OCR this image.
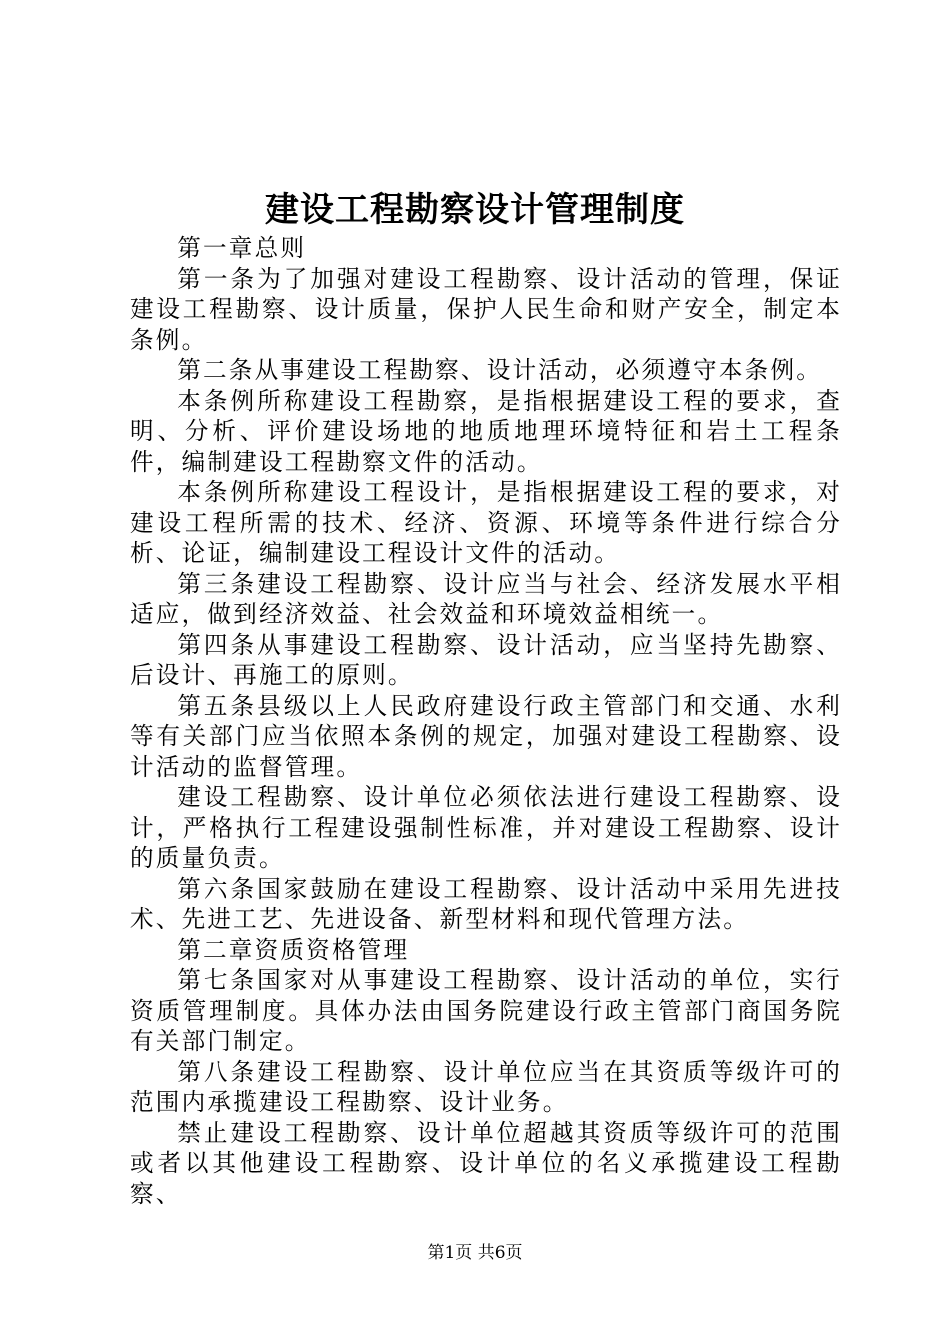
建设工程勘察设计管理制度

第一章总则

第一条为了加强对建设工程勘察、设计活动的管理，保证建设工程勘察、设计质量，保护人民生命和财产安全，制定本条例。

第二条从事建设工程勘察、设计活动，必须遵守本条例。

本条例所称建设工程勘察，是指根据建设工程的要求，查明、分析、评价建设场地的地质地理环境特征和岩土工程条件，编制建设工程勘察文件的活动。

本条例所称建设工程设计，是指根据建设工程的要求，对建设工程所需的技术、经济、资源、环境等条件进行综合分析、论证，编制建设工程设计文件的活动。

第三条建设工程勘察、设计应当与社会、经济发展水平相适应，做到经济效益、社会效益和环境效益相统一。

第四条从事建设工程勘察、设计活动，应当坚持先勘察、后设计、再施工的原则。

第五条县级以上人民政府建设行政主管部门和交通、水利等有关部门应当依照本条例的规定，加强对建设工程勘察、设计活动的监督管理。

建设工程勘察、设计单位必须依法进行建设工程勘察、设计，严格执行工程建设强制性标准，并对建设工程勘察、设计的质量负责。

第六条国家鼓励在建设工程勘察、设计活动中采用先进技术、先进工艺、先进设备、新型材料和现代管理方法。

第二章资质资格管理

第七条国家对从事建设工程勘察、设计活动的单位，实行资质管理制度。具体办法由国务院建设行政主管部门商国务院有关部门制定。

第八条建设工程勘察、设计单位应当在其资质等级许可的范围内承揽建设工程勘察、设计业务。

禁止建设工程勘察、设计单位超越其资质等级许可的范围或者以其他建设工程勘察、设计单位的名义承揽建设工程勘察、

第1页 共6页
